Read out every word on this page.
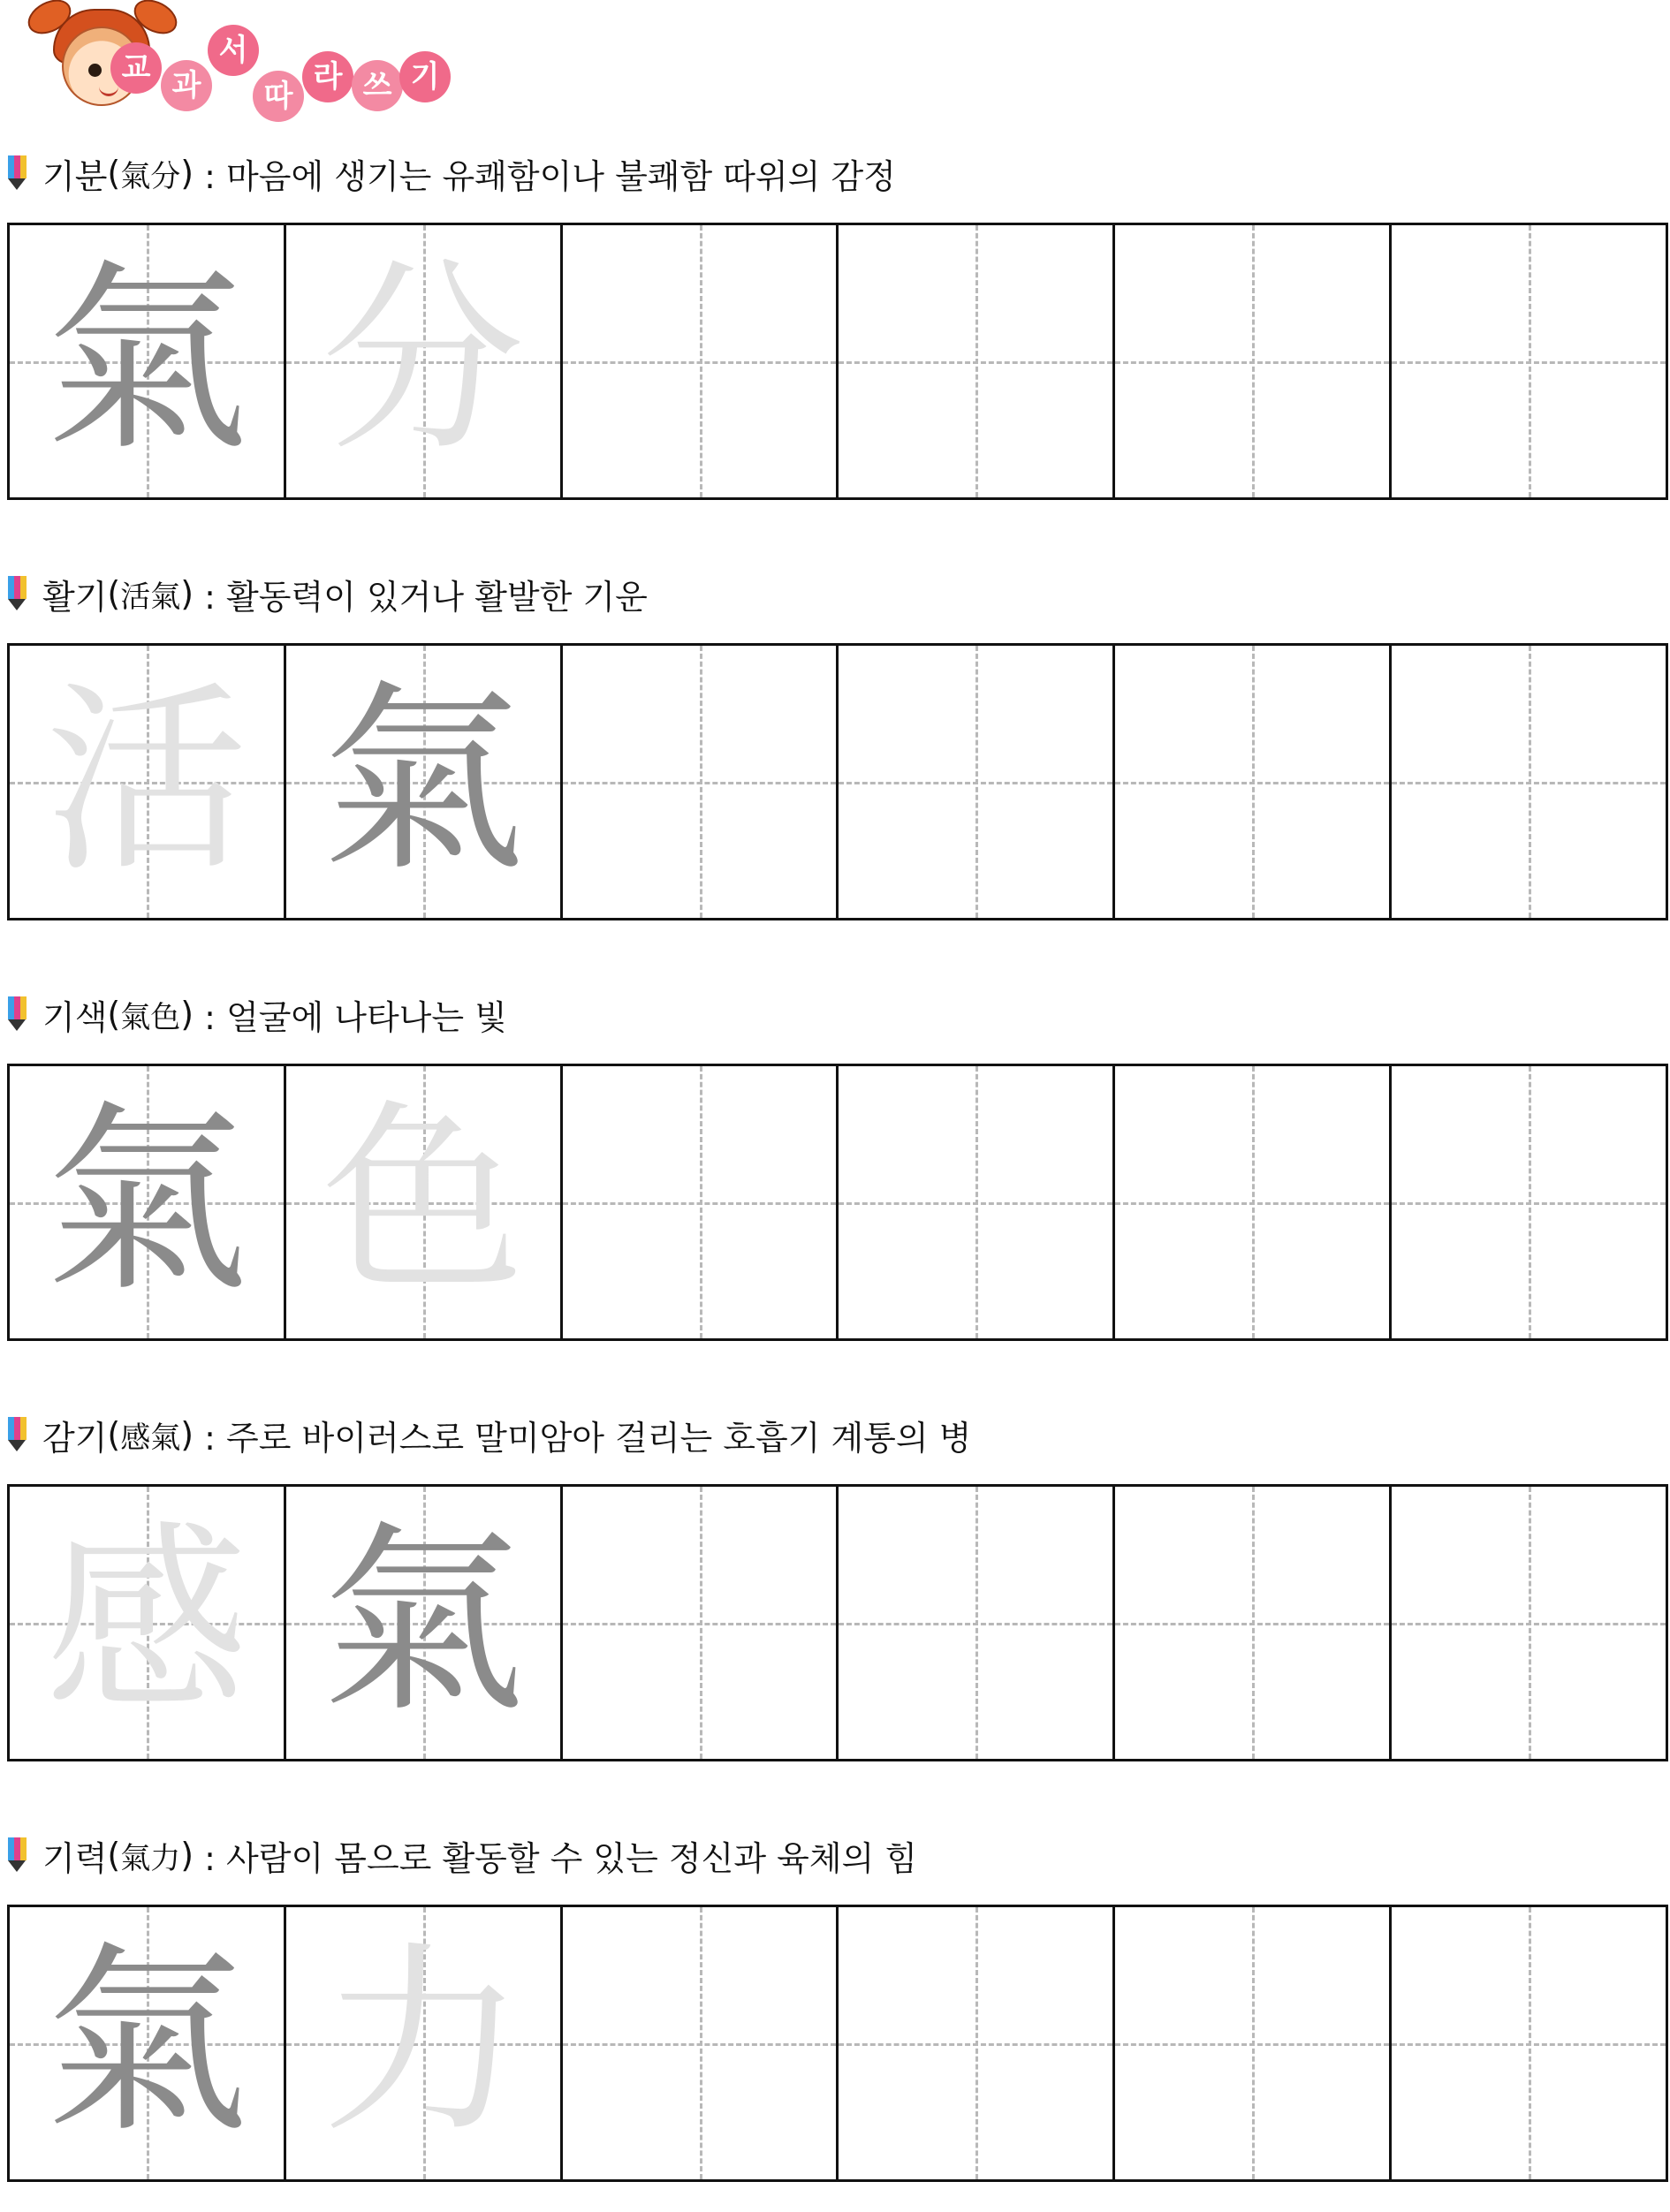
교 과
서
따
라 쓰 기
기분 ( 氣分 ) : 마음에 생기는 유쾌함이나 불쾌함 따위의 감정
氣 分
활기 ( 活氣 ) : 활동력이 있거나 활발한 기운
活 氣
기색 ( 氣色 ) : 얼굴에 나타나는 빛
氣 色
감기 ( 感氣 ) : 주로 바이러스로 말미암아 걸리는 호흡기 계통의 병
感 氣
기력 ( 氣力 ) : 사람이 몸으로 활동할 수 있는 정신과 육체의 힘
氣 力
